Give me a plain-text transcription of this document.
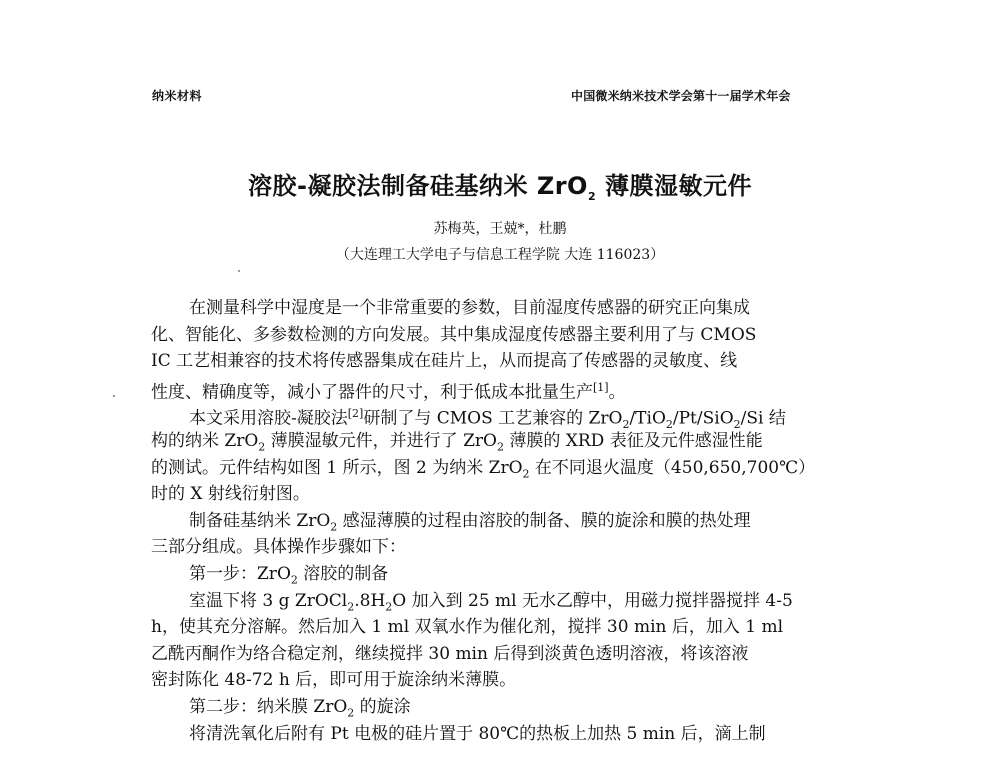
纳米材料	中国微米纳米技术学会第十一届学术年会
溶胶-凝胶法制备硅基纳米 ZrO$_2$ 薄膜湿敏元件
苏梅英，王兢*，杜鹏
（大连理工大学电子与信息工程学院 大连 116023）
在测量科学中湿度是一个非常重要的参数，目前湿度传感器的研究正向集成
化、智能化、多参数检测的方向发展。其中集成湿度传感器主要利用了与 CMOS
IC 工艺相兼容的技术将传感器集成在硅片上，从而提高了传感器的灵敏度、线
性度、精确度等，减小了器件的尺寸，利于低成本批量生产[1]。
本文采用溶胶-凝胶法[2]研制了与 CMOS 工艺兼容的 ZrO$_2$/TiO$_2$/Pt/SiO$_2$/Si 结
构的纳米 ZrO$_2$ 薄膜湿敏元件，并进行了 ZrO$_2$ 薄膜的 XRD 表征及元件感湿性能
的测试。元件结构如图 1 所示，图 2 为纳米 ZrO$_2$ 在不同退火温度（450,650,700℃）
时的 X 射线衍射图。
制备硅基纳米 ZrO$_2$ 感湿薄膜的过程由溶胶的制备、膜的旋涂和膜的热处理
三部分组成。具体操作步骤如下：
第一步：ZrO$_2$ 溶胶的制备
室温下将 3 g $ZrOCl_2.8H_2O$ 加入到 25 ml 无水乙醇中，用磁力搅拌器搅拌 4-5
h，使其充分溶解。然后加入 1 ml 双氧水作为催化剂，搅拌 30 min 后，加入 1 ml
乙酰丙酮作为络合稳定剂，继续搅拌 30 min 后得到淡黄色透明溶液，将该溶液
密封陈化 48-72 h 后，即可用于旋涂纳米薄膜。
第二步：纳米膜 ZrO$_2$ 的旋涂
将清洗氧化后附有 Pt 电极的硅片置于 80℃的热板上加热 5 min 后，滴上制
